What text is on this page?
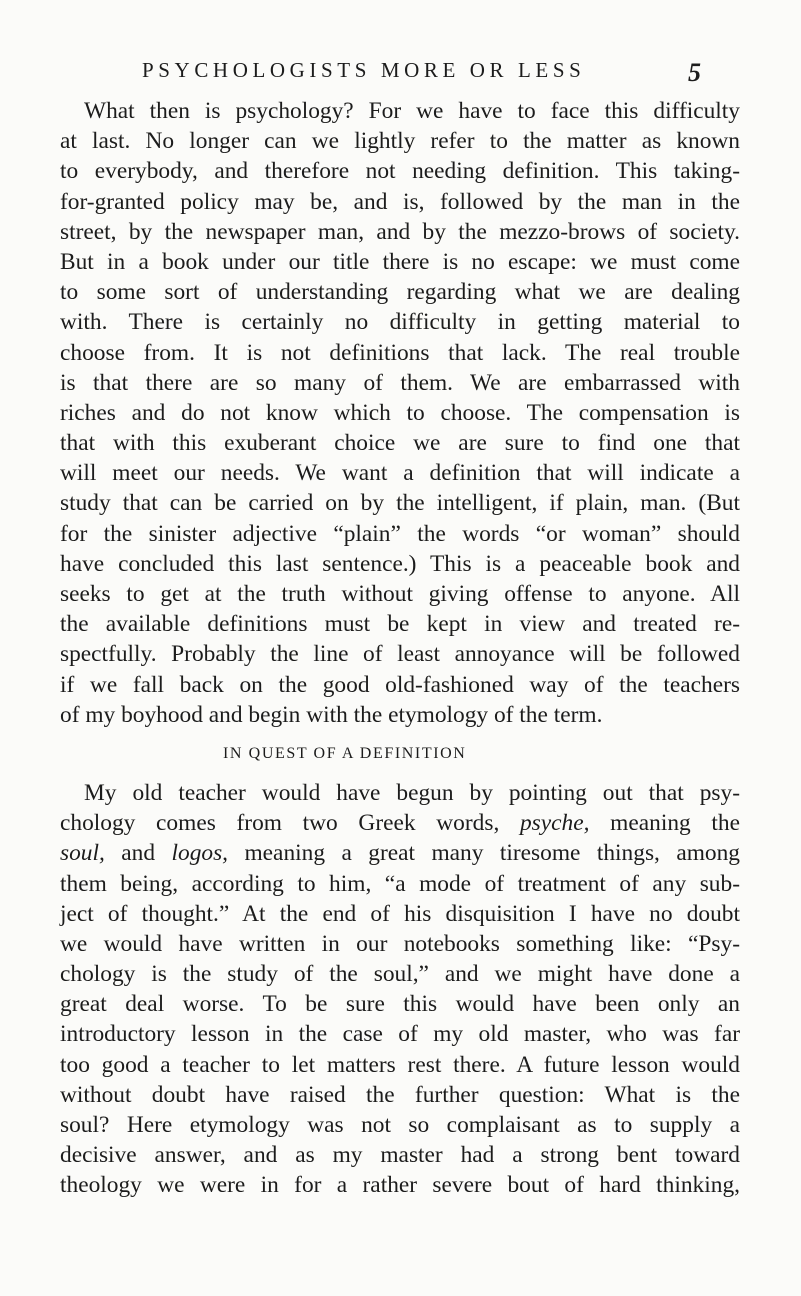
PSYCHOLOGISTS MORE OR LESS	5
What then is psychology? For we have to face this difficulty
at last. No longer can we lightly refer to the matter as known
to everybody, and therefore not needing definition. This taking-
for-granted policy may be, and is, followed by the man in the
street, by the newspaper man, and by the mezzo-brows of society.
But in a book under our title there is no escape: we must come
to some sort of understanding regarding what we are dealing
with. There is certainly no difficulty in getting material to
choose from. It is not definitions that lack. The real trouble
is that there are so many of them. We are embarrassed with
riches and do not know which to choose. The compensation is
that with this exuberant choice we are sure to find one that
will meet our needs. We want a definition that will indicate a
study that can be carried on by the intelligent, if plain, man. (But
for the sinister adjective “plain” the words “or woman” should
have concluded this last sentence.) This is a peaceable book and
seeks to get at the truth without giving offense to anyone. All
the available definitions must be kept in view and treated re-
spectfully. Probably the line of least annoyance will be followed
if we fall back on the good old-fashioned way of the teachers
of my boyhood and begin with the etymology of the term.
IN QUEST OF A DEFINITION
My old teacher would have begun by pointing out that psy-
chology comes from two Greek words, psyche, meaning the
soul, and logos, meaning a great many tiresome things, among
them being, according to him, “a mode of treatment of any sub-
ject of thought.” At the end of his disquisition I have no doubt
we would have written in our notebooks something like: “Psy-
chology is the study of the soul,” and we might have done a
great deal worse. To be sure this would have been only an
introductory lesson in the case of my old master, who was far
too good a teacher to let matters rest there. A future lesson would
without doubt have raised the further question: What is the
soul? Here etymology was not so complaisant as to supply a
decisive answer, and as my master had a strong bent toward
theology we were in for a rather severe bout of hard thinking,
